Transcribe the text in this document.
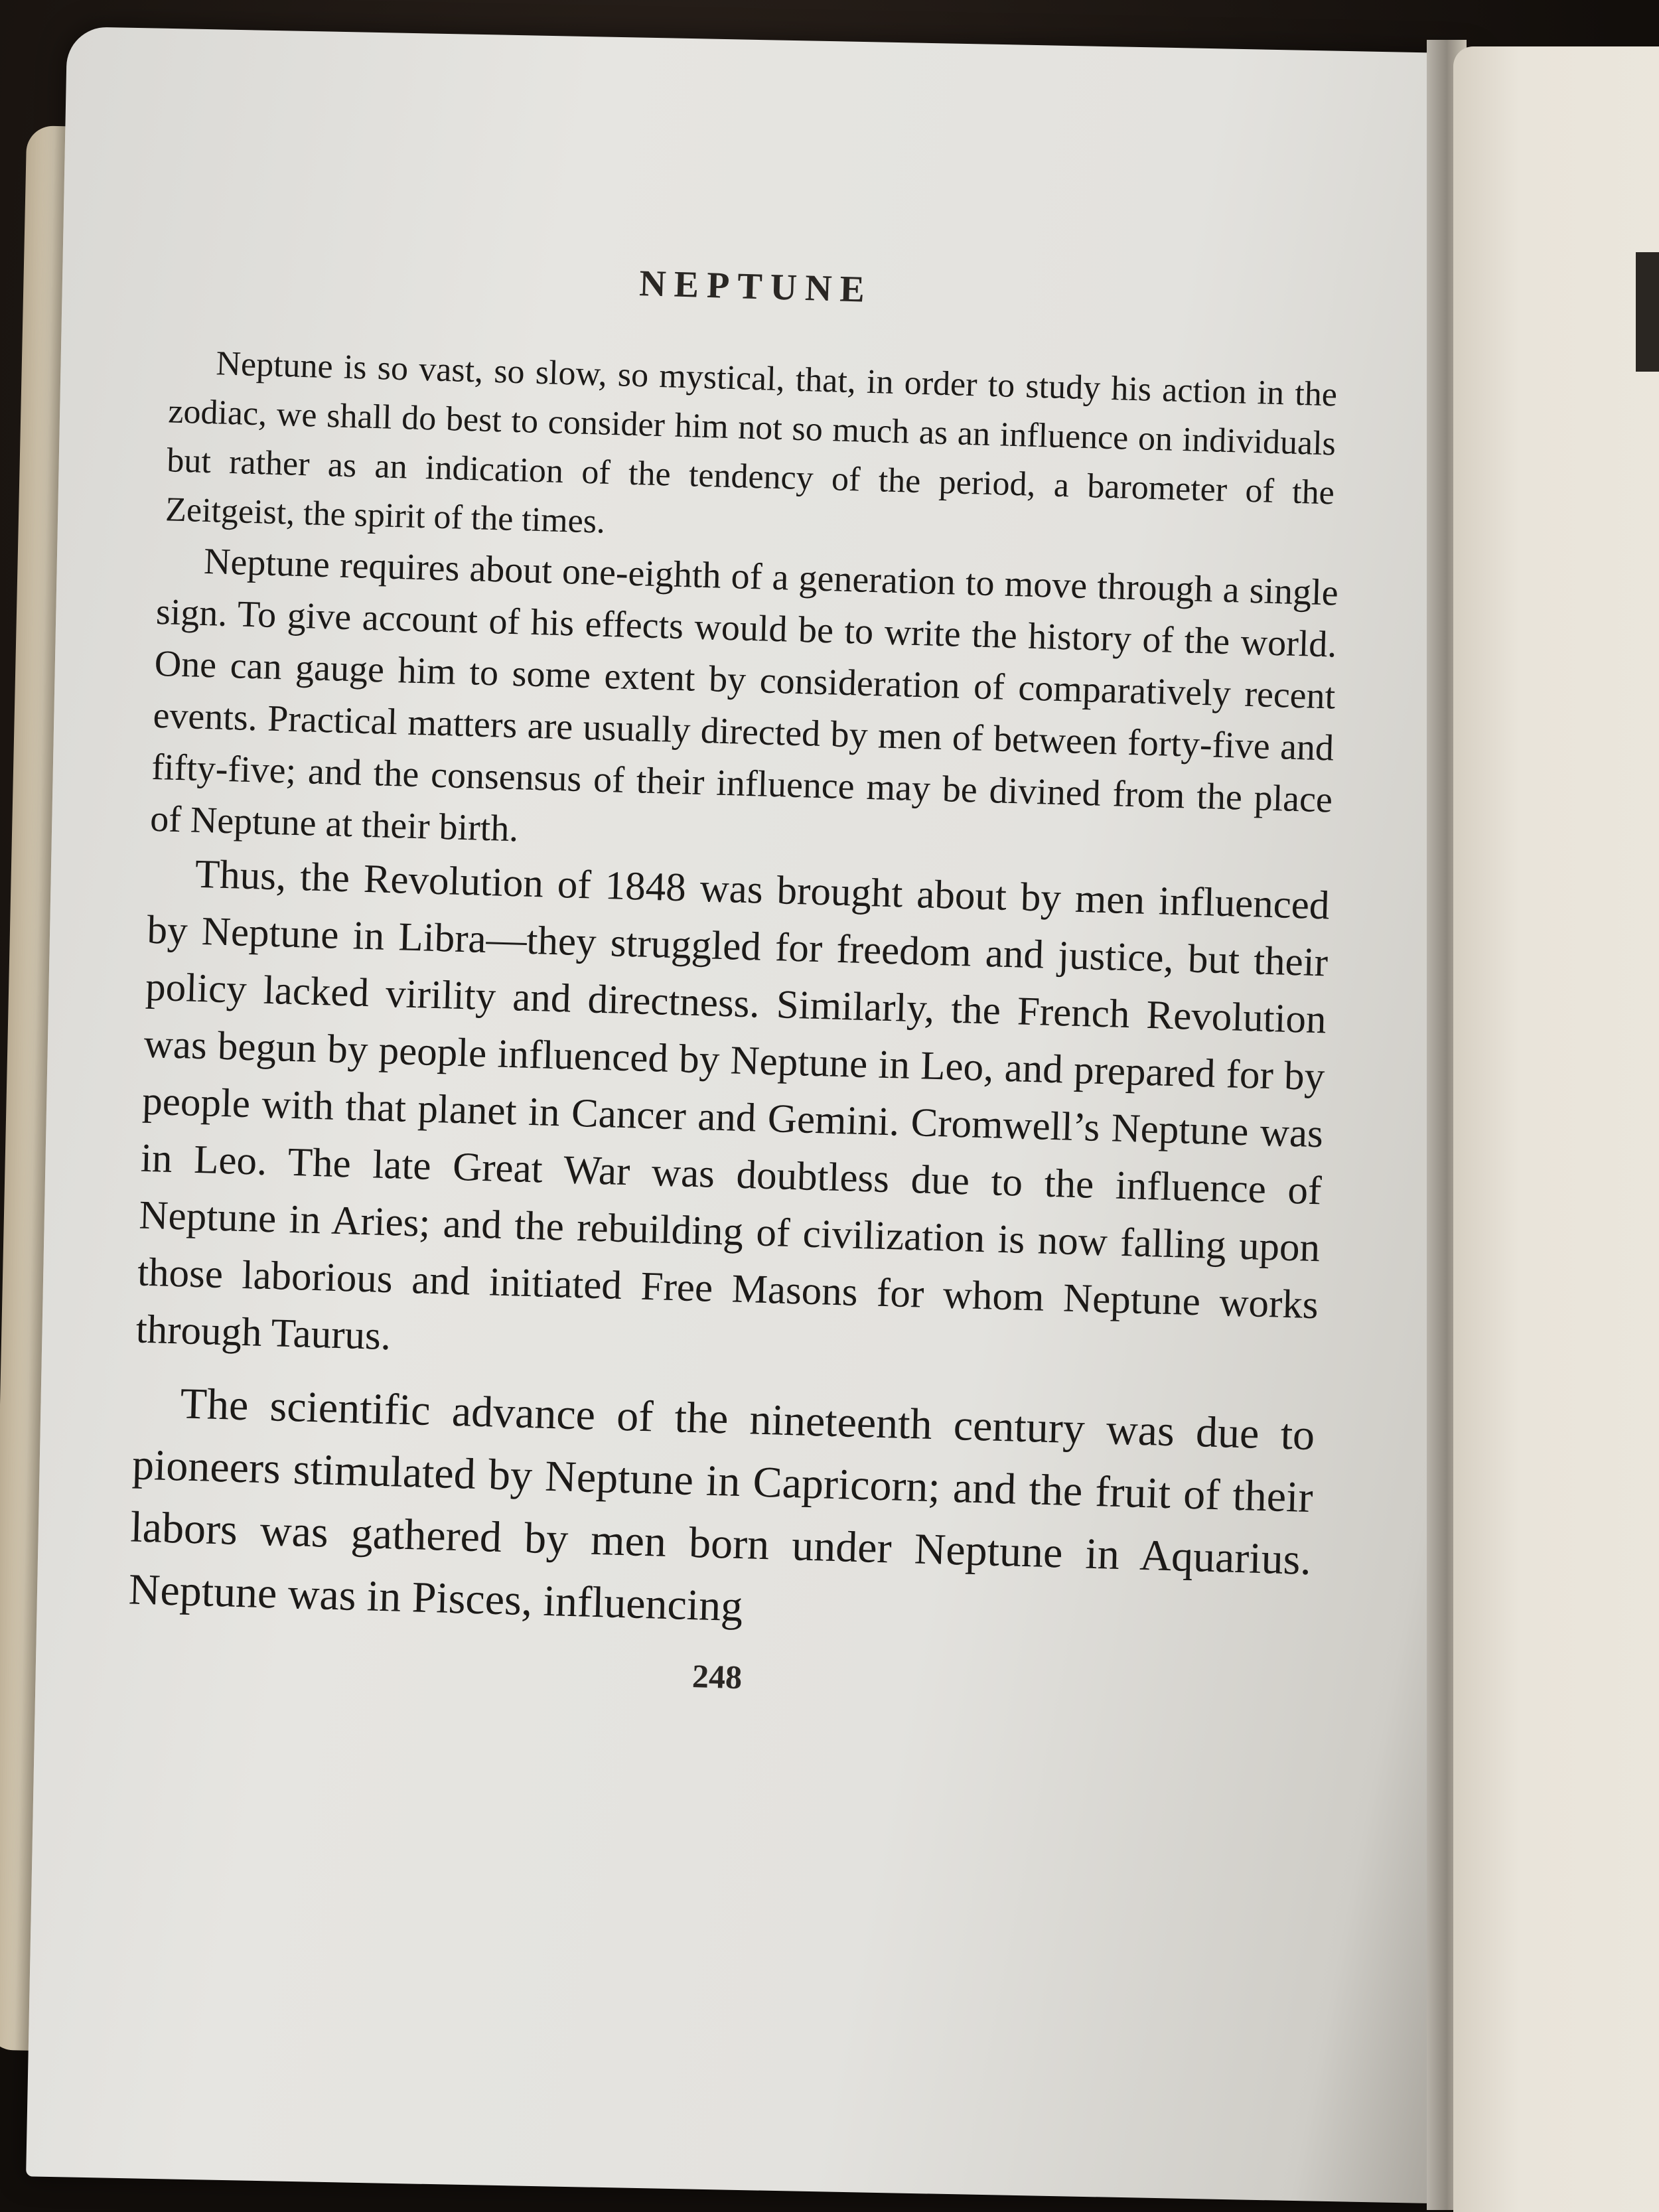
NEPTUNE

Neptune is so vast, so slow, so mystical, that, in order to study his action in the zodiac, we shall do best to consider him not so much as an influence on individuals but rather as an indication of the tendency of the period, a barometer of the Zeitgeist, the spirit of the times.

Neptune requires about one-eighth of a generation to move through a single sign. To give account of his effects would be to write the history of the world. One can gauge him to some extent by consideration of comparatively recent events. Practical matters are usually directed by men of between forty-five and fifty-five; and the consensus of their influence may be divined from the place of Neptune at their birth.

Thus, the Revolution of 1848 was brought about by men influenced by Neptune in Libra—they struggled for freedom and justice, but their policy lacked virility and directness. Similarly, the French Revolution was begun by people influenced by Neptune in Leo, and prepared for by people with that planet in Cancer and Gemini. Cromwell’s Neptune was in Leo. The late Great War was doubtless due to the influence of Neptune in Aries; and the rebuilding of civilization is now falling upon those laborious and initiated Free Masons for whom Neptune works through Taurus.

The scientific advance of the nineteenth century was due to pioneers stimulated by Neptune in Capricorn; and the fruit of their labors was gathered by men born under Neptune in Aquarius. Neptune was in Pisces, influencing

248
